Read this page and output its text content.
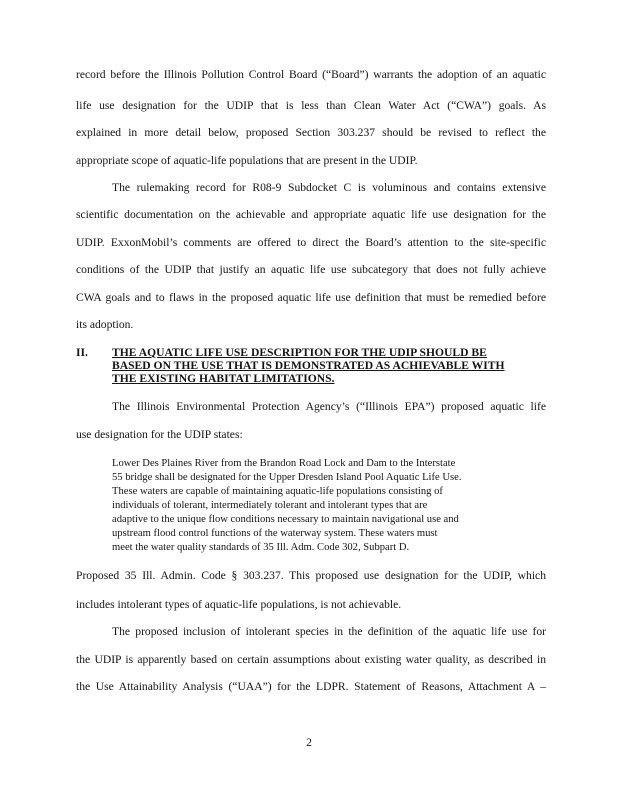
record before the Illinois Pollution Control Board (“Board”) warrants the adoption of an aquatic
life use designation for the UDIP that is less than Clean Water Act (“CWA”) goals. As
explained in more detail below, proposed Section 303.237 should be revised to reflect the
appropriate scope of aquatic-life populations that are present in the UDIP.
The rulemaking record for R08-9 Subdocket C is voluminous and contains extensive
scientific documentation on the achievable and appropriate aquatic life use designation for the
UDIP. ExxonMobil’s comments are offered to direct the Board’s attention to the site-specific
conditions of the UDIP that justify an aquatic life use subcategory that does not fully achieve
CWA goals and to flaws in the proposed aquatic life use definition that must be remedied before
its adoption.
II. THE AQUATIC LIFE USE DESCRIPTION FOR THE UDIP SHOULD BE
BASED ON THE USE THAT IS DEMONSTRATED AS ACHIEVABLE WITH
THE EXISTING HABITAT LIMITATIONS.
The Illinois Environmental Protection Agency’s (“Illinois EPA”) proposed aquatic life
use designation for the UDIP states:
Lower Des Plaines River from the Brandon Road Lock and Dam to the Interstate
55 bridge shall be designated for the Upper Dresden Island Pool Aquatic Life Use.
These waters are capable of maintaining aquatic-life populations consisting of
individuals of tolerant, intermediately tolerant and intolerant types that are
adaptive to the unique flow conditions necessary to maintain navigational use and
upstream flood control functions of the waterway system. These waters must
meet the water quality standards of 35 Ill. Adm. Code 302, Subpart D.
Proposed 35 Ill. Admin. Code § 303.237. This proposed use designation for the UDIP, which
includes intolerant types of aquatic-life populations, is not achievable.
The proposed inclusion of intolerant species in the definition of the aquatic life use for
the UDIP is apparently based on certain assumptions about existing water quality, as described in
the Use Attainability Analysis (“UAA”) for the LDPR. Statement of Reasons, Attachment A –
2
